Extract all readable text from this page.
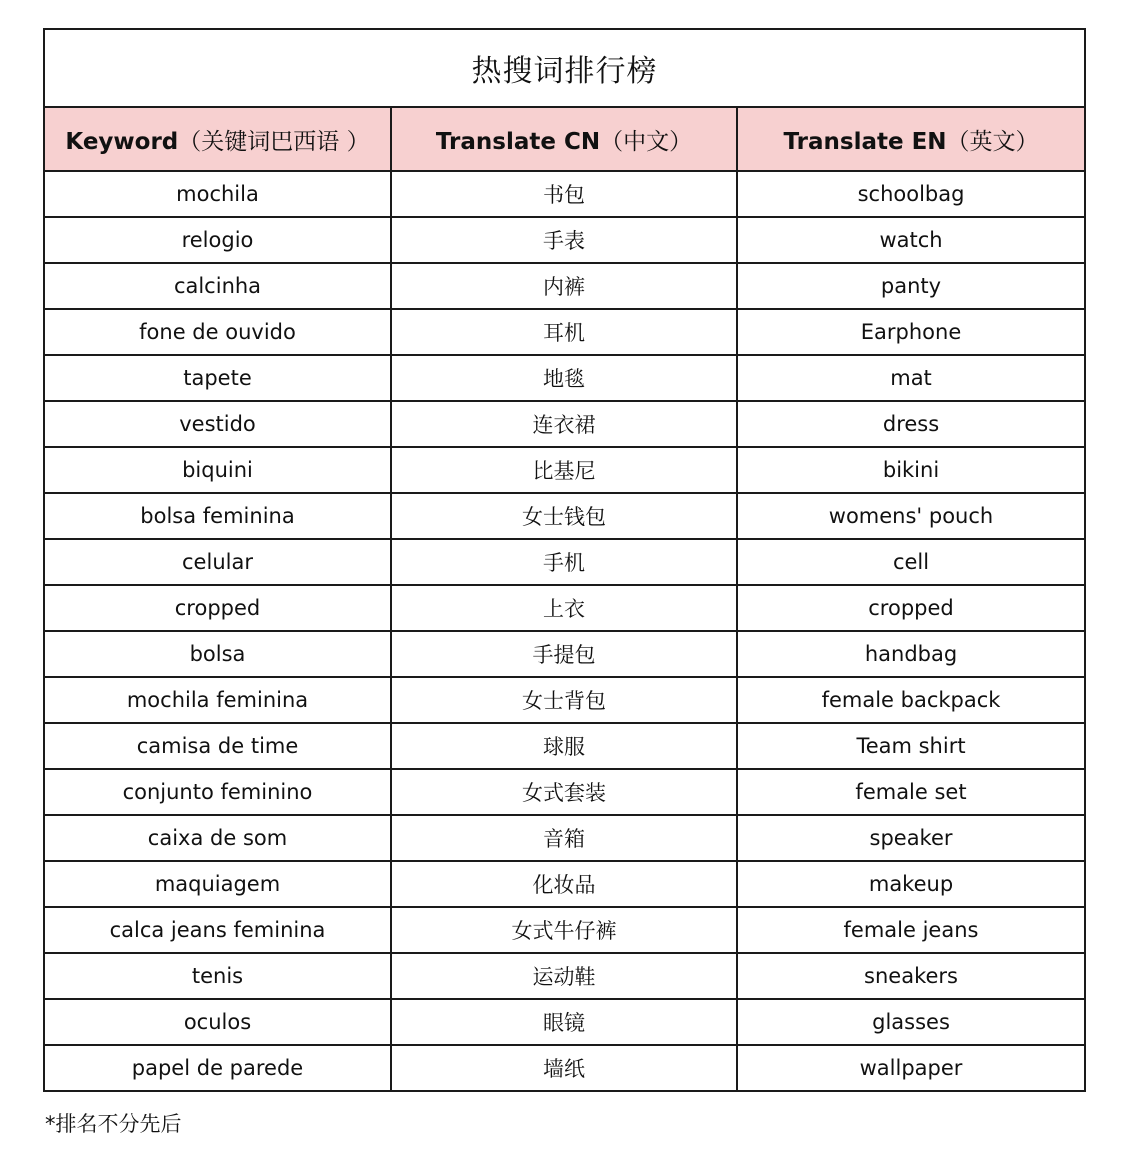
热搜词排行榜		
Keyword（关键词巴西语 ）	Translate CN（中文）	Translate EN（英文）
mochila	书包	schoolbag
relogio	手表	watch
calcinha	内裤	panty
fone de ouvido	耳机	Earphone
tapete	地毯	mat
vestido	连衣裙	dress
biquini	比基尼	bikini
bolsa feminina	女士钱包	womens' pouch
celular	手机	cell
cropped	上衣	cropped
bolsa	手提包	handbag
mochila feminina	女士背包	female backpack
camisa de time	球服	Team shirt
conjunto feminino	女式套装	female set
caixa de som	音箱	speaker
maquiagem	化妆品	makeup
calca jeans feminina	女式牛仔裤	female jeans
tenis	运动鞋	sneakers
oculos	眼镜	glasses
papel de parede	墙纸	wallpaper
*排名不分先后
